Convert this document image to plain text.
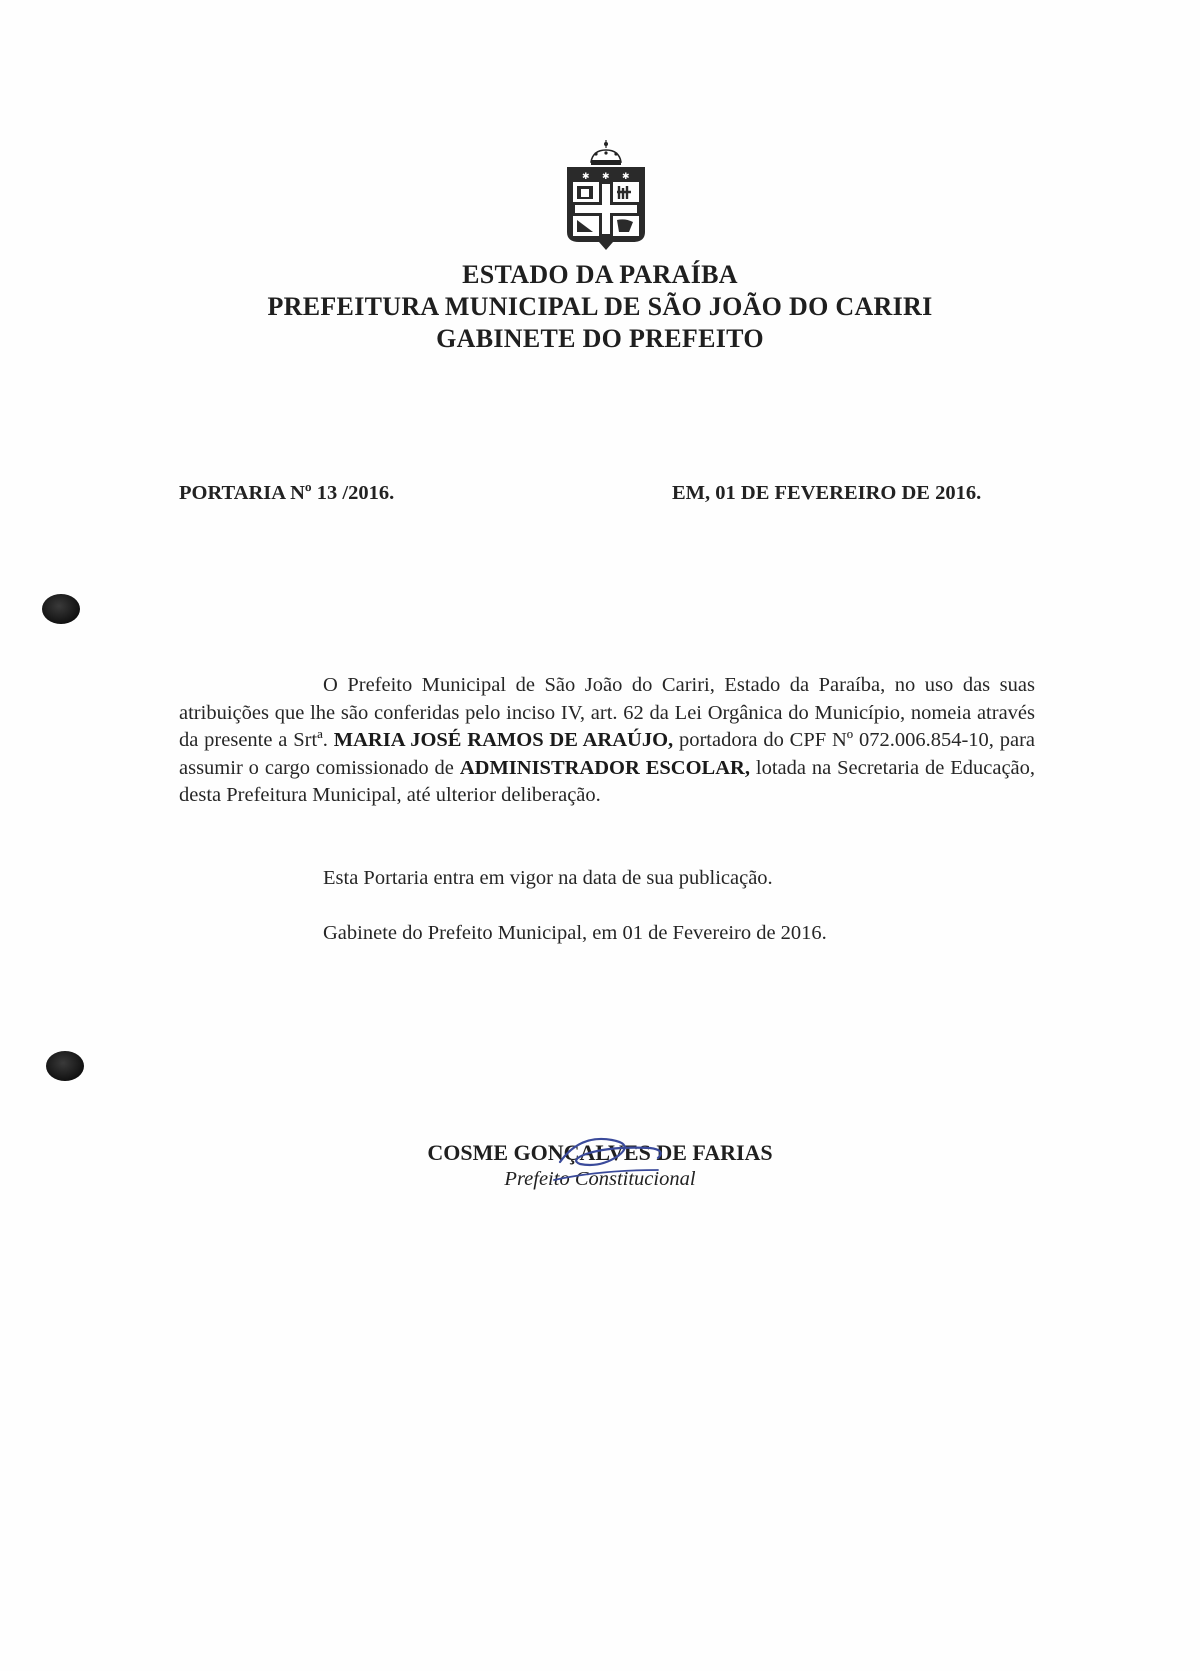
✱ ✱ ✱
ESTADO DA PARAÍBA
PREFEITURA MUNICIPAL DE SÃO JOÃO DO CARIRI
GABINETE DO PREFEITO
PORTARIA Nº 13 /2016.	EM, 01 DE FEVEREIRO DE 2016.
O Prefeito Municipal de São João do Cariri, Estado da Paraíba, no uso das suas atribuições que lhe são conferidas pelo inciso IV, art. 62 da Lei Orgânica do Município, nomeia através da presente a Srtª. MARIA JOSÉ RAMOS DE ARAÚJO, portadora do CPF Nº 072.006.854-10, para assumir o cargo comissionado de ADMINISTRADOR ESCOLAR, lotada na Secretaria de Educação, desta Prefeitura Municipal, até ulterior deliberação.
Esta Portaria entra em vigor na data de sua publicação.
Gabinete do Prefeito Municipal, em 01 de Fevereiro de 2016.
COSME GONÇALVES DE FARIAS
Prefeito Constitucional
